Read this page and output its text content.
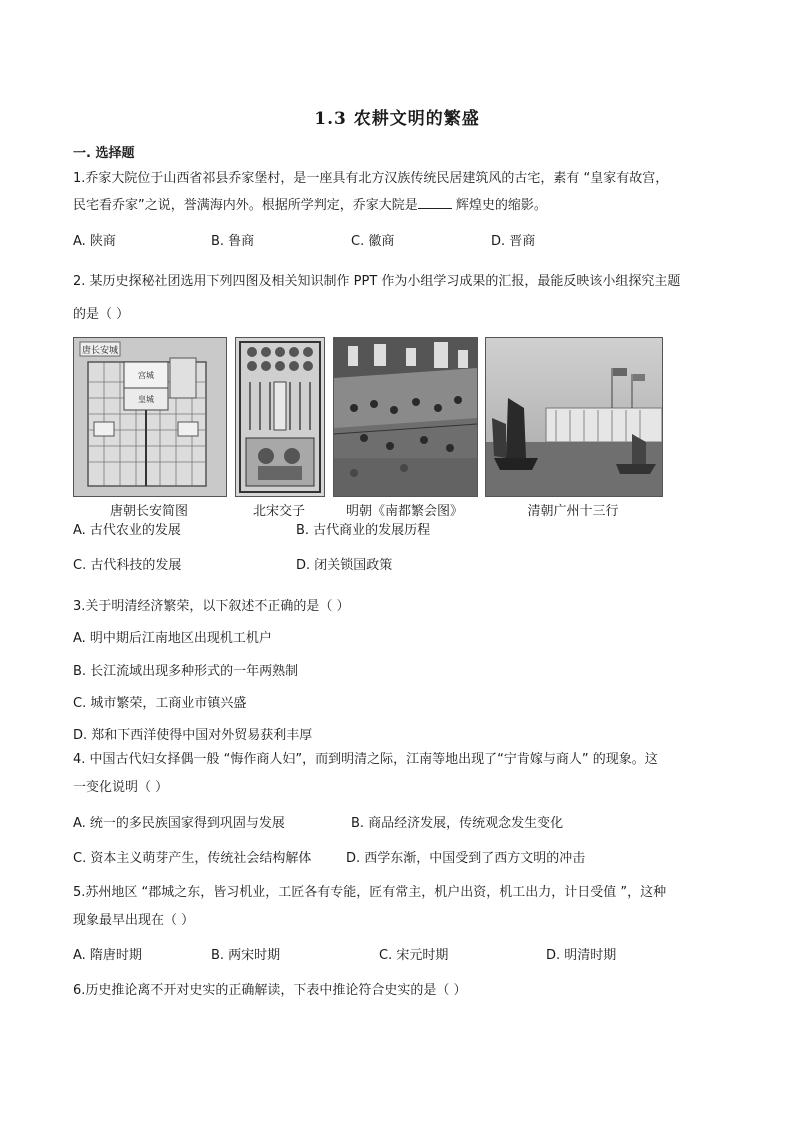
1.3 农耕文明的繁盛
一. 选择题
1.乔家大院位于山西省祁县乔家堡村，是一座具有北方汉族传统民居建筑风的古宅，素有 “皇家有故宫，
民宅看乔家”之说，誉满海内外。根据所学判定，乔家大院是	辉煌史的缩影。
A. 陕商	B. 鲁商	C. 徽商	D. 晋商
2. 某历史探秘社团选用下列四图及相关知识制作 PPT 作为小组学习成果的汇报，最能反映该小组探究主题
的是（ ）
唐长安城
宫城
皇城
唐朝长安简图	北宋交子	明朝《南都繁会图》	清朝广州十三行
A. 古代农业的发展	B. 古代商业的发展历程
C. 古代科技的发展	D. 闭关锁国政策
3.关于明清经济繁荣，以下叙述不正确的是（ ）
A. 明中期后江南地区出现机工机户
B. 长江流域出现多种形式的一年两熟制
C. 城市繁荣，工商业市镇兴盛
D. 郑和下西洋使得中国对外贸易获利丰厚
4. 中国古代妇女择偶一般 “悔作商人妇”，而到明清之际，江南等地出现了“宁肯嫁与商人” 的现象。这
一变化说明（ ）
A. 统一的多民族国家得到巩固与发展	B. 商品经济发展，传统观念发生变化
C. 资本主义萌芽产生，传统社会结构解体	D. 西学东渐，中国受到了西方文明的冲击
5.苏州地区 “郡城之东，皆习机业，工匠各有专能，匠有常主，机户出资，机工出力，计日受值 ”，这种
现象最早出现在（ ）
A. 隋唐时期	B. 两宋时期	C. 宋元时期	D. 明清时期
6.历史推论离不开对史实的正确解读，下表中推论符合史实的是（ ）
